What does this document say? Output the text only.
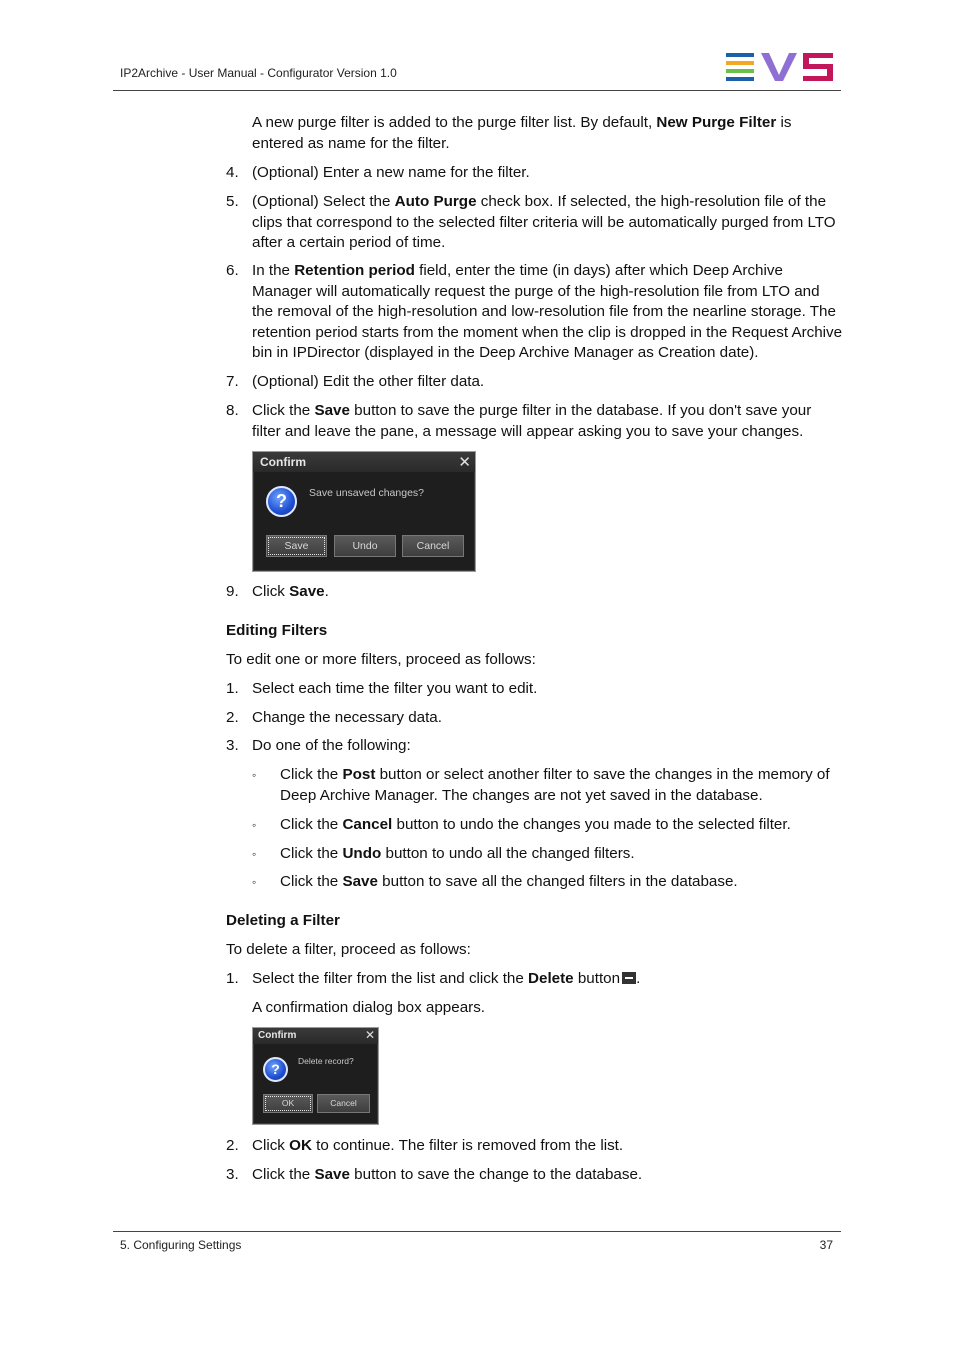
IP2Archive - User Manual - Configurator Version 1.0
A new purge filter is added to the purge filter list. By default, New Purge Filter is entered as name for the filter.
4. (Optional) Enter a new name for the filter.
5. (Optional) Select the Auto Purge check box. If selected, the high-resolution file of the clips that correspond to the selected filter criteria will be automatically purged from LTO after a certain period of time.
6. In the Retention period field, enter the time (in days) after which Deep Archive Manager will automatically request the purge of the high-resolution file from LTO and the removal of the high-resolution and low-resolution file from the nearline storage. The retention period starts from the moment when the clip is dropped in the Request Archive bin in IPDirector (displayed in the Deep Archive Manager as Creation date).
7. (Optional) Edit the other filter data.
8. Click the Save button to save the purge filter in the database. If you don't save your filter and leave the pane, a message will appear asking you to save your changes.
Confirm	✕
?	Save unsaved changes?
Save	Undo	Cancel
9. Click Save.
Editing Filters
To edit one or more filters, proceed as follows:
1. Select each time the filter you want to edit.
2. Change the necessary data.
3. Do one of the following:
◦ Click the Post button or select another filter to save the changes in the memory of Deep Archive Manager. The changes are not yet saved in the database.
◦ Click the Cancel button to undo the changes you made to the selected filter.
◦ Click the Undo button to undo all the changed filters.
◦ Click the Save button to save all the changed filters in the database.
Deleting a Filter
To delete a filter, proceed as follows:
1. Select the filter from the list and click the Delete button .
A confirmation dialog box appears.
Confirm	✕
?	Delete record?
OK	Cancel
2. Click OK to continue. The filter is removed from the list.
3. Click the Save button to save the change to the database.
5. Configuring Settings	37
